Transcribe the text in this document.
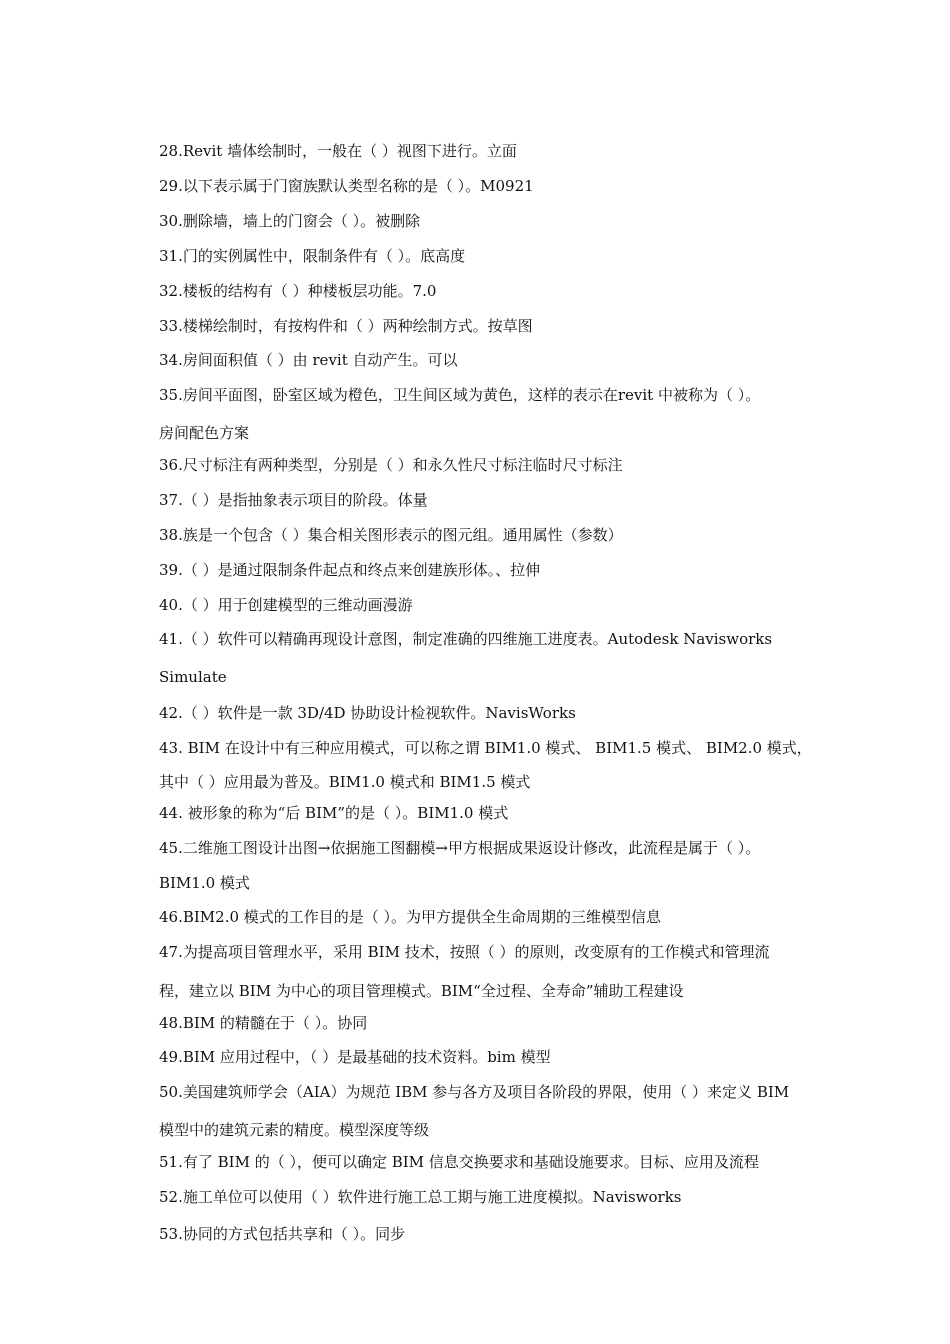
28.Revit 墙体绘制时，一般在（ ）视图下进行。立面
29.以下表示属于门窗族默认类型名称的是（ ）。M0921
30.删除墙，墙上的门窗会（ ）。被删除
31.门的实例属性中，限制条件有（ ）。底高度
32.楼板的结构有（ ）种楼板层功能。7.0
33.楼梯绘制时，有按构件和（ ）两种绘制方式。按草图
34.房间面积值（ ）由 revit 自动产生。可以
35.房间平面图，卧室区域为橙色，卫生间区域为黄色，这样的表示在revit 中被称为（ ）。
房间配色方案
36.尺寸标注有两种类型，分别是（ ）和永久性尺寸标注临时尺寸标注
37.（ ）是指抽象表示项目的阶段。体量
38.族是一个包含（ ）集合相关图形表示的图元组。通用属性（参数）
39.（ ）是通过限制条件起点和终点来创建族形体。、拉伸
40.（ ）用于创建模型的三维动画漫游
41.（ ）软件可以精确再现设计意图，制定准确的四维施工进度表。Autodesk Navisworks
Simulate
42.（ ）软件是一款 3D/4D 协助设计检视软件。NavisWorks
43. BIM 在设计中有三种应用模式，可以称之谓 BIM1.0 模式、 BIM1.5 模式、 BIM2.0 模式，
其中（ ）应用最为普及。BIM1.0 模式和 BIM1.5 模式
44. 被形象的称为“后 BIM”的是（ ）。BIM1.0 模式
45.二维施工图设计出图→依据施工图翻模→甲方根据成果返设计修改，此流程是属于（ ）。
BIM1.0 模式
46.BIM2.0 模式的工作目的是（ ）。为甲方提供全生命周期的三维模型信息
47.为提高项目管理水平，采用 BIM 技术，按照（ ）的原则，改变原有的工作模式和管理流
程，建立以 BIM 为中心的项目管理模式。BIM“全过程、全寿命”辅助工程建设
48.BIM 的精髓在于（ ）。协同
49.BIM 应用过程中，（ ）是最基础的技术资料。bim 模型
50.美国建筑师学会（AIA）为规范 IBM 参与各方及项目各阶段的界限，使用（ ）来定义 BIM
模型中的建筑元素的精度。模型深度等级
51.有了 BIM 的（ ），便可以确定 BIM 信息交换要求和基础设施要求。目标、应用及流程
52.施工单位可以使用（ ）软件进行施工总工期与施工进度模拟。Navisworks
53.协同的方式包括共享和（ ）。同步
